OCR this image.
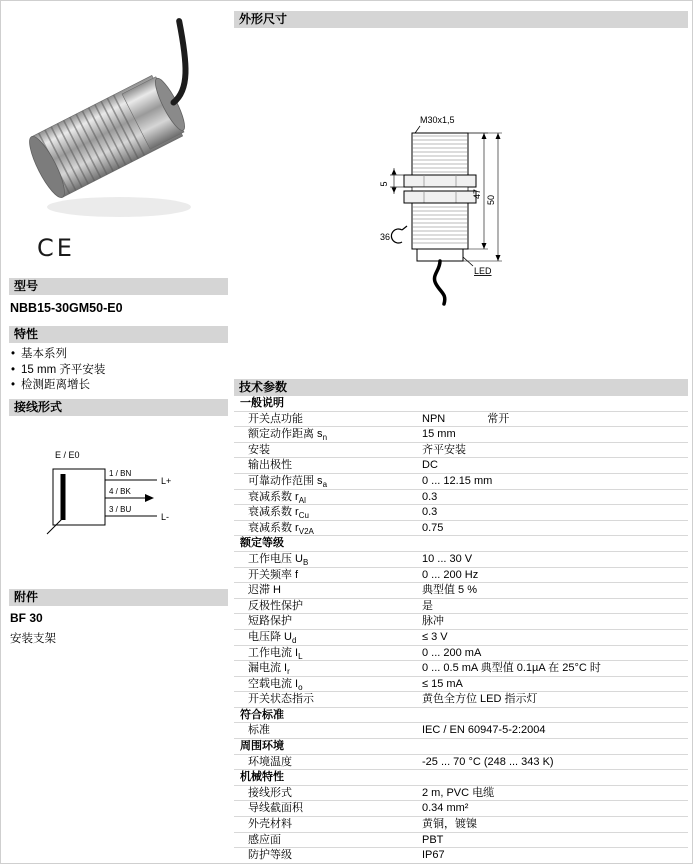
CE
型号
NBB15-30GM50-E0
特性
•
基本系列
•
15 mm 齐平安装
•
检测距离增长
接线形式
E / E0
1 / BN
L+
4 / BK
3 / BU
L-
附件
BF 30
安装支架
外形尺寸
M30x1,5
LED
5
36
47
50
技术参数
一般说明
开关点功能	NPN	常开
额定动作距离 $s_n$	15 mm
安装	齐平安装
输出极性	DC
可靠动作范围 $s_a$	0 ... 12.15 mm
衰减系数 $r_{Al}$	0.3
衰减系数 $r_{Cu}$	0.3
衰减系数 $r_{V2A}$	0.75
额定等级
工作电压 $U_B$	10 ... 30 V
开关频率 f	0 ... 200 Hz
迟滞 H	典型值 5 %
反极性保护	是
短路保护	脉冲
电压降 $U_d$	≤ 3 V
工作电流 $I_L$	0 ... 200 mA
漏电流 $I_r$	0 ... 0.5 mA 典型值 0.1µA 在 25°C 时
空载电流 $I_o$	≤ 15 mA
开关状态指示	黄色全方位 LED 指示灯
符合标准
标准	IEC / EN 60947-5-2:2004
周围环境
环境温度	-25 ... 70 °C (248 ... 343 K)
机械特性
接线形式	2 m, PVC 电缆
导线截面积	0.34 mm²
外壳材料	黄铜，镀镍
感应面	PBT
防护等级	IP67
